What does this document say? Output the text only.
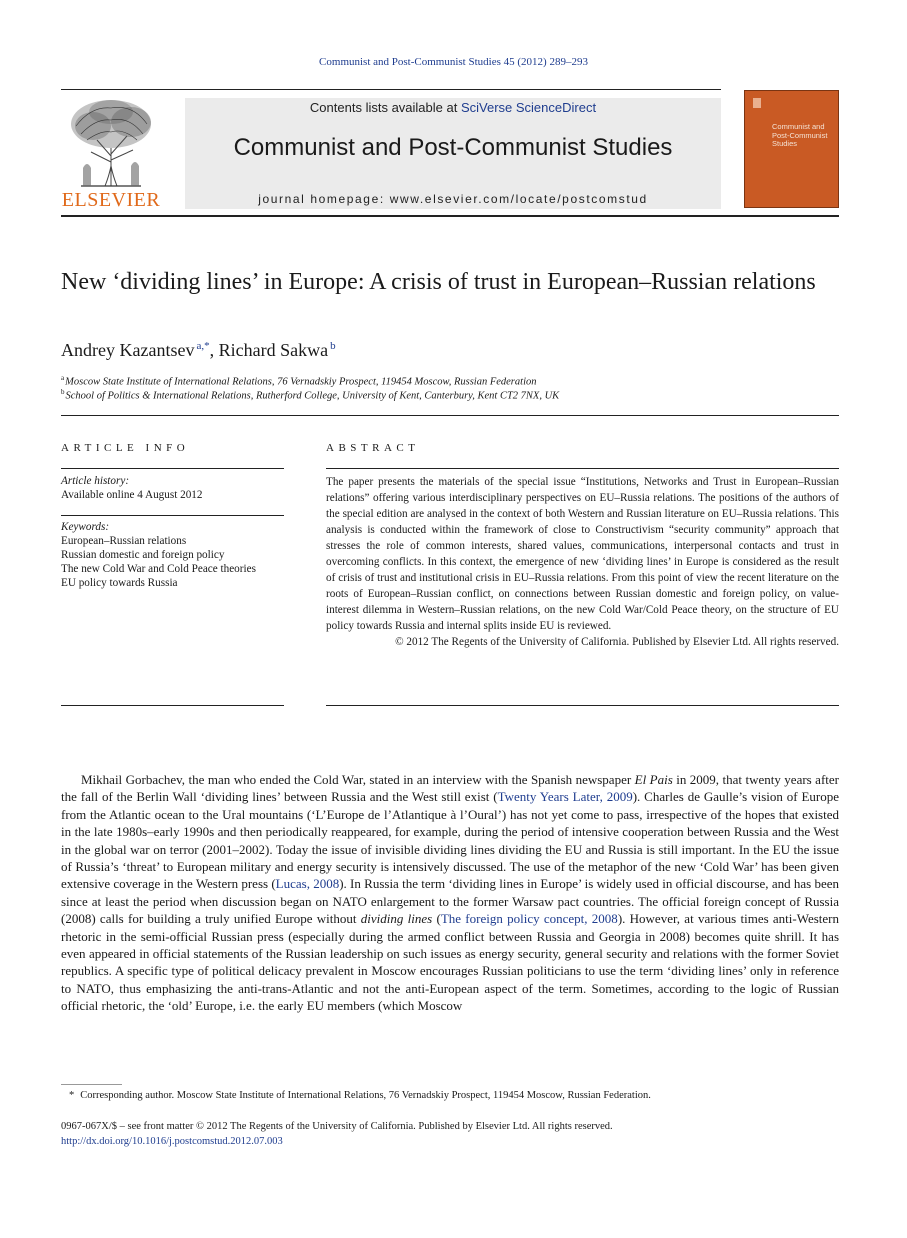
Communist and Post-Communist Studies 45 (2012) 289–293
ELSEVIER
Contents lists available at SciVerse ScienceDirect
Communist and Post-Communist Studies
journal homepage: www.elsevier.com/locate/postcomstud
Communist and Post-Communist Studies
New ‘dividing lines’ in Europe: A crisis of trust in European–Russian relations
Andrey Kazantsev $^{a,*}$, Richard Sakwa $^b$
$^a$Moscow State Institute of International Relations, 76 Vernadskiy Prospect, 119454 Moscow, Russian Federation
$^b$School of Politics & International Relations, Rutherford College, University of Kent, Canterbury, Kent CT2 7NX, UK
ARTICLE INFO
Article history:
Available online 4 August 2012
Keywords:
European–Russian relations
Russian domestic and foreign policy
The new Cold War and Cold Peace theories
EU policy towards Russia
ABSTRACT
The paper presents the materials of the special issue “Institutions, Networks and Trust in European–Russian relations” offering various interdisciplinary perspectives on EU–Russia relations. The positions of the authors of the special edition are analysed in the context of both Western and Russian literature on EU–Russia relations. This analysis is conducted within the framework of close to Constructivism “security community” approach that stresses the role of common interests, shared values, communications, interpersonal contacts and trust in overcoming conflicts. In this context, the emergence of new ‘dividing lines’ in Europe is considered as the result of crisis of trust and institutional crisis in EU–Russia relations. From this point of view the recent literature on the roots of European–Russian conflict, on connections between Russian domestic and foreign policy, on value-interest dilemma in Western–Russian relations, on the new Cold War/Cold Peace theory, on the structure of EU policy towards Russia and internal splits inside EU is reviewed.
© 2012 The Regents of the University of California. Published by Elsevier Ltd. All rights reserved.

Mikhail Gorbachev, the man who ended the Cold War, stated in an interview with the Spanish newspaper El Pais in 2009, that twenty years after the fall of the Berlin Wall ‘dividing lines’ between Russia and the West still exist (Twenty Years Later, 2009). Charles de Gaulle’s vision of Europe from the Atlantic ocean to the Ural mountains (‘L’Europe de l’Atlantique à l’Oural’) has not yet come to pass, irrespective of the hopes that existed in the late 1980s–early 1990s and then periodically reappeared, for example, during the period of intensive cooperation between Russia and the West in the global war on terror (2001–2002). Today the issue of invisible dividing lines dividing the EU and Russia is still important. In the EU the issue of Russia’s ‘threat’ to European military and energy security is intensively discussed. The use of the metaphor of the new ‘Cold War’ has been given extensive coverage in the Western press (Lucas, 2008). In Russia the term ‘dividing lines in Europe’ is widely used in official discourse, and has been since at least the period when discussion began on NATO enlargement to the former Warsaw pact countries. The official foreign concept of Russia (2008) calls for building a truly unified Europe without dividing lines (The foreign policy concept, 2008). However, at various times anti-Western rhetoric in the semi-official Russian press (especially during the armed conflict between Russia and Georgia in 2008) becomes quite shrill. It has even appeared in official statements of the Russian leadership on such issues as energy security, general security and relations with the former Soviet republics. A specific type of political delicacy prevalent in Moscow encourages Russian politicians to use the term ‘dividing lines’ only in reference to NATO, thus emphasizing the anti-trans-Atlantic and not the anti-European aspect of the term. Sometimes, according to the logic of Russian official rhetoric, the ‘old’ Europe, i.e. the early EU members (which Moscow

* Corresponding author. Moscow State Institute of International Relations, 76 Vernadskiy Prospect, 119454 Moscow, Russian Federation.
0967-067X/$ – see front matter © 2012 The Regents of the University of California. Published by Elsevier Ltd. All rights reserved.
http://dx.doi.org/10.1016/j.postcomstud.2012.07.003
